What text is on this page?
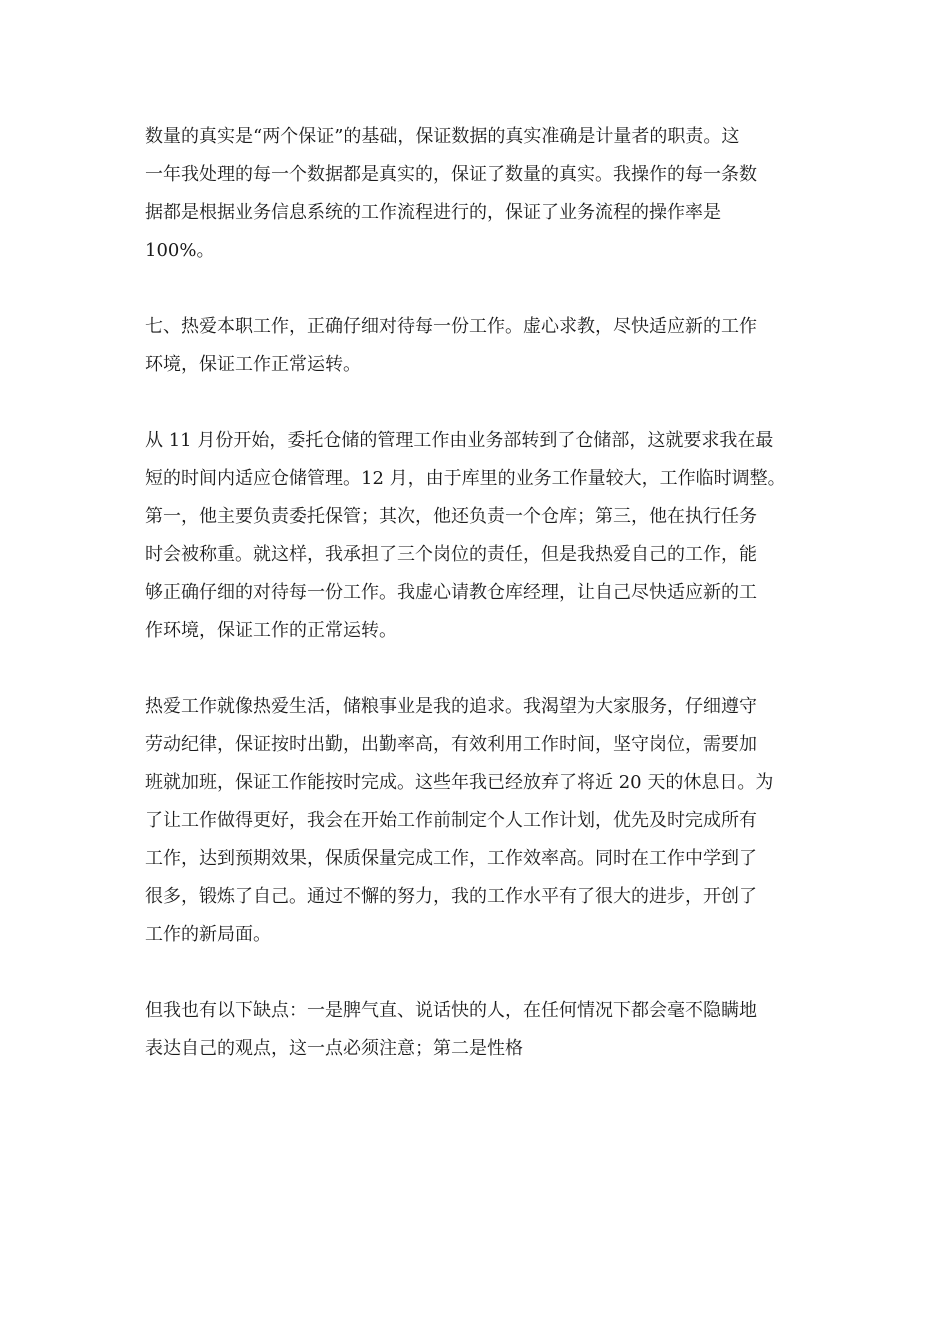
数量的真实是“两个保证”的基础，保证数据的真实准确是计量者的职责。这
一年我处理的每一个数据都是真实的，保证了数量的真实。我操作的每一条数
据都是根据业务信息系统的工作流程进行的，保证了业务流程的操作率是
100%。
七、热爱本职工作，正确仔细对待每一份工作。虚心求教，尽快适应新的工作
环境，保证工作正常运转。
从 11 月份开始，委托仓储的管理工作由业务部转到了仓储部，这就要求我在最
短的时间内适应仓储管理。12 月，由于库里的业务工作量较大，工作临时调整。
第一，他主要负责委托保管；其次，他还负责一个仓库；第三，他在执行任务
时会被称重。就这样，我承担了三个岗位的责任，但是我热爱自己的工作，能
够正确仔细的对待每一份工作。我虚心请教仓库经理，让自己尽快适应新的工
作环境，保证工作的正常运转。
热爱工作就像热爱生活，储粮事业是我的追求。我渴望为大家服务，仔细遵守
劳动纪律，保证按时出勤，出勤率高，有效利用工作时间，坚守岗位，需要加
班就加班，保证工作能按时完成。这些年我已经放弃了将近 20 天的休息日。为
了让工作做得更好，我会在开始工作前制定个人工作计划，优先及时完成所有
工作，达到预期效果，保质保量完成工作，工作效率高。同时在工作中学到了
很多，锻炼了自己。通过不懈的努力，我的工作水平有了很大的进步，开创了
工作的新局面。
但我也有以下缺点：一是脾气直、说话快的人，在任何情况下都会毫不隐瞒地
表达自己的观点，这一点必须注意；第二是性格
